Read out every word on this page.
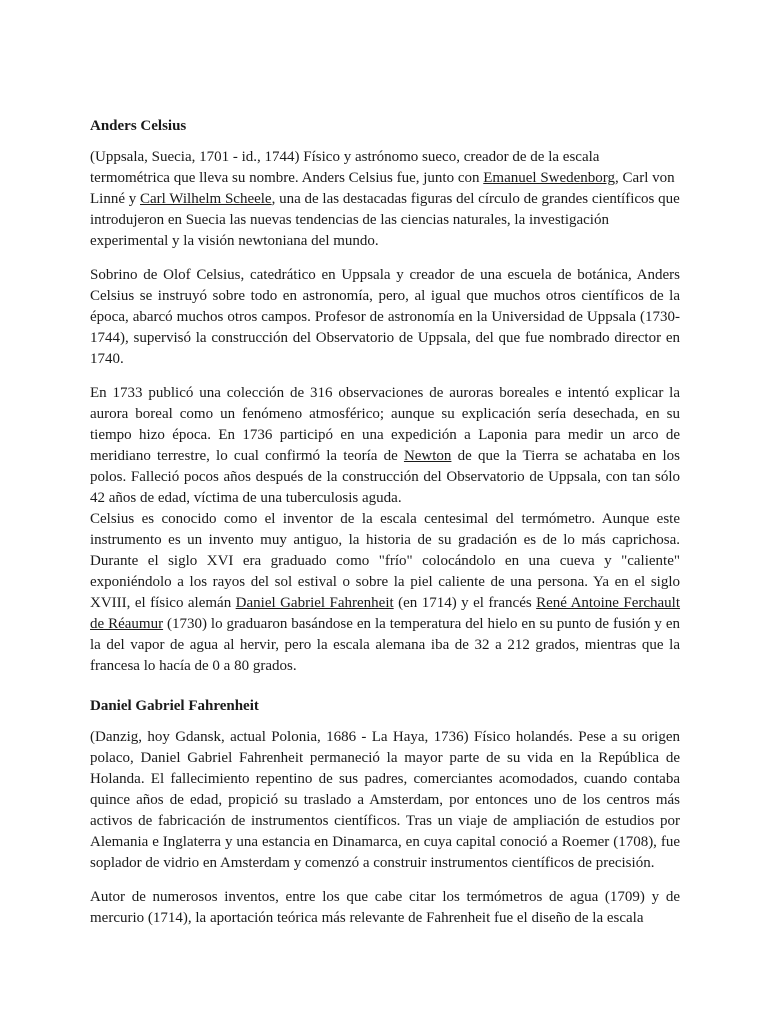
Anders Celsius

(Uppsala, Suecia, 1701 - id., 1744) Físico y astrónomo sueco, creador de de la escala termométrica que lleva su nombre. Anders Celsius fue, junto con Emanuel Swedenborg, Carl von Linné y Carl Wilhelm Scheele, una de las destacadas figuras del círculo de grandes científicos que introdujeron en Suecia las nuevas tendencias de las ciencias naturales, la investigación experimental y la visión newtoniana del mundo.

Sobrino de Olof Celsius, catedrático en Uppsala y creador de una escuela de botánica, Anders Celsius se instruyó sobre todo en astronomía, pero, al igual que muchos otros científicos de la época, abarcó muchos otros campos. Profesor de astronomía en la Universidad de Uppsala (1730-1744), supervisó la construcción del Observatorio de Uppsala, del que fue nombrado director en 1740.

En 1733 publicó una colección de 316 observaciones de auroras boreales e intentó explicar la aurora boreal como un fenómeno atmosférico; aunque su explicación sería desechada, en su tiempo hizo época. En 1736 participó en una expedición a Laponia para medir un arco de meridiano terrestre, lo cual confirmó la teoría de Newton de que la Tierra se achataba en los polos. Falleció pocos años después de la construcción del Observatorio de Uppsala, con tan sólo 42 años de edad, víctima de una tuberculosis aguda.

Celsius es conocido como el inventor de la escala centesimal del termómetro. Aunque este instrumento es un invento muy antiguo, la historia de su gradación es de lo más caprichosa. Durante el siglo XVI era graduado como "frío" colocándolo en una cueva y "caliente" exponiéndolo a los rayos del sol estival o sobre la piel caliente de una persona. Ya en el siglo XVIII, el físico alemán Daniel Gabriel Fahrenheit (en 1714) y el francés René Antoine Ferchault de Réaumur (1730) lo graduaron basándose en la temperatura del hielo en su punto de fusión y en la del vapor de agua al hervir, pero la escala alemana iba de 32 a 212 grados, mientras que la francesa lo hacía de 0 a 80 grados.

Daniel Gabriel Fahrenheit

(Danzig, hoy Gdansk, actual Polonia, 1686 - La Haya, 1736) Físico holandés. Pese a su origen polaco, Daniel Gabriel Fahrenheit permaneció la mayor parte de su vida en la República de Holanda. El fallecimiento repentino de sus padres, comerciantes acomodados, cuando contaba quince años de edad, propició su traslado a Amsterdam, por entonces uno de los centros más activos de fabricación de instrumentos científicos. Tras un viaje de ampliación de estudios por Alemania e Inglaterra y una estancia en Dinamarca, en cuya capital conoció a Roemer (1708), fue soplador de vidrio en Amsterdam y comenzó a construir instrumentos científicos de precisión.

Autor de numerosos inventos, entre los que cabe citar los termómetros de agua (1709) y de mercurio (1714), la aportación teórica más relevante de Fahrenheit fue el diseño de la escala
